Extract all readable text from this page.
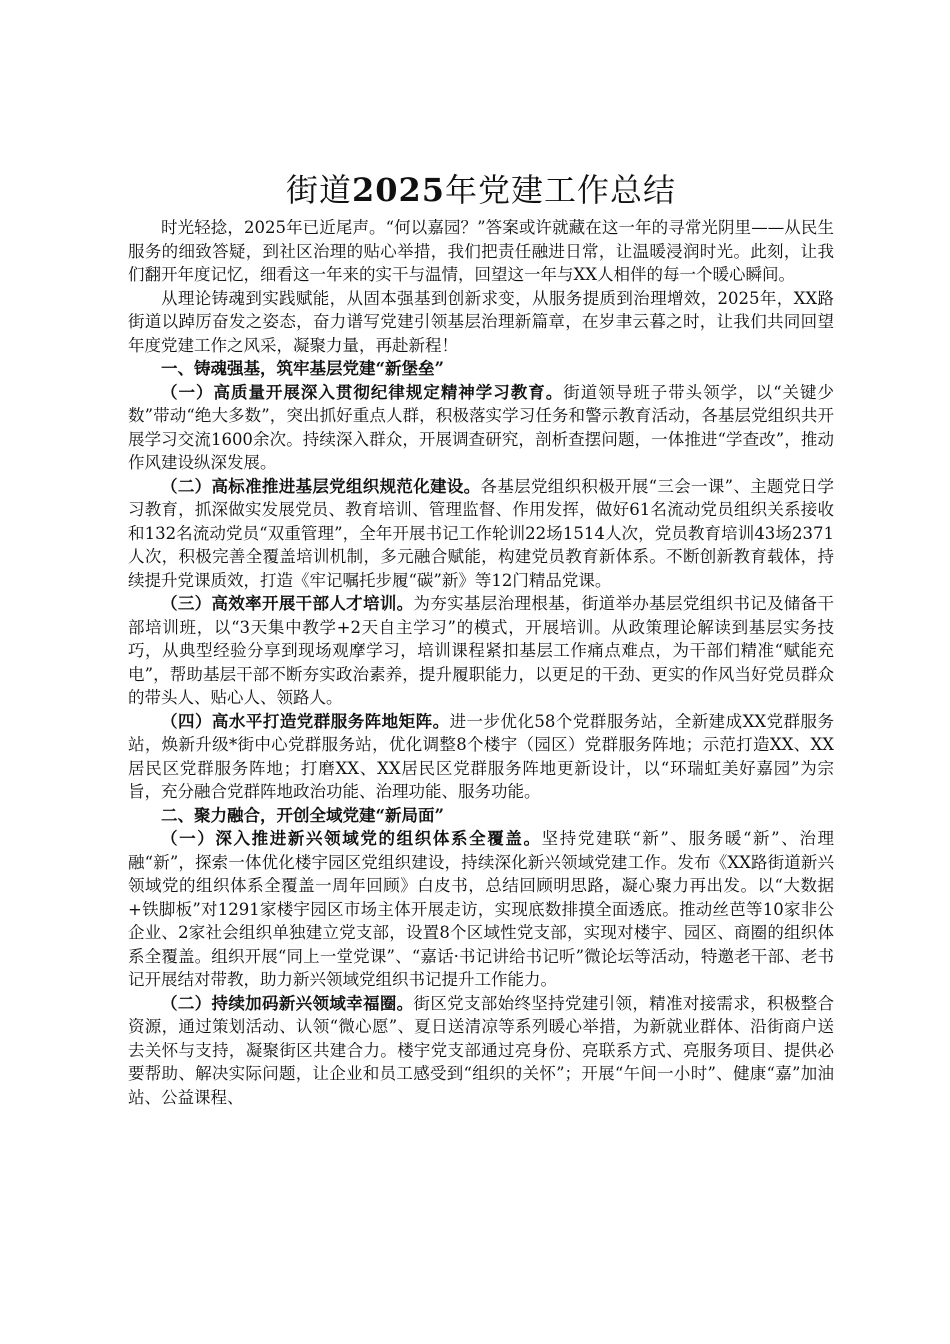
街道2025年党建工作总结

时光轻捻，2025年已近尾声。“何以嘉园？”答案或许就藏在这一年的寻常光阴里——从民生服务的细致答疑，到社区治理的贴心举措，我们把责任融进日常，让温暖浸润时光。此刻，让我们翻开年度记忆，细看这一年来的实干与温情，回望这一年与XX人相伴的每一个暖心瞬间。

从理论铸魂到实践赋能，从固本强基到创新求变，从服务提质到治理增效，2025年，XX路街道以踔厉奋发之姿态，奋力谱写党建引领基层治理新篇章，在岁聿云暮之时，让我们共同回望年度党建工作之风采，凝聚力量，再赴新程！

一、铸魂强基，筑牢基层党建“新堡垒”

（一）高质量开展深入贯彻纪律规定精神学习教育。街道领导班子带头领学，以“关键少数”带动“绝大多数”，突出抓好重点人群，积极落实学习任务和警示教育活动，各基层党组织共开展学习交流1600余次。持续深入群众，开展调查研究，剖析查摆问题，一体推进“学查改”，推动作风建设纵深发展。

（二）高标准推进基层党组织规范化建设。各基层党组织积极开展“三会一课”、主题党日学习教育，抓深做实发展党员、教育培训、管理监督、作用发挥，做好61名流动党员组织关系接收和132名流动党员“双重管理”，全年开展书记工作轮训22场1514人次，党员教育培训43场2371人次，积极完善全覆盖培训机制，多元融合赋能，构建党员教育新体系。不断创新教育载体，持续提升党课质效，打造《牢记嘱托步履“碳”新》等12门精品党课。

（三）高效率开展干部人才培训。为夯实基层治理根基，街道举办基层党组织书记及储备干部培训班，以“3天集中教学+2天自主学习”的模式，开展培训。从政策理论解读到基层实务技巧，从典型经验分享到现场观摩学习，培训课程紧扣基层工作痛点难点，为干部们精准“赋能充电”，帮助基层干部不断夯实政治素养，提升履职能力，以更足的干劲、更实的作风当好党员群众的带头人、贴心人、领路人。

（四）高水平打造党群服务阵地矩阵。进一步优化58个党群服务站，全新建成XX党群服务站，焕新升级*街中心党群服务站，优化调整8个楼宇（园区）党群服务阵地；示范打造XX、XX居民区党群服务阵地；打磨XX、XX居民区党群服务阵地更新设计，以“环瑞虹美好嘉园”为宗旨，充分融合党群阵地政治功能、治理功能、服务功能。

二、聚力融合，开创全域党建“新局面”

（一）深入推进新兴领域党的组织体系全覆盖。坚持党建联“新”、服务暖“新”、治理融“新”，探索一体优化楼宇园区党组织建设，持续深化新兴领域党建工作。发布《XX路街道新兴领域党的组织体系全覆盖一周年回顾》白皮书，总结回顾明思路，凝心聚力再出发。以“大数据+铁脚板”对1291家楼宇园区市场主体开展走访，实现底数排摸全面透底。推动丝芭等10家非公企业、2家社会组织单独建立党支部，设置8个区域性党支部，实现对楼宇、园区、商圈的组织体系全覆盖。组织开展“同上一堂党课”、“嘉话·书记讲给书记听”微论坛等活动，特邀老干部、老书记开展结对带教，助力新兴领域党组织书记提升工作能力。

（二）持续加码新兴领域幸福圈。街区党支部始终坚持党建引领，精准对接需求，积极整合资源，通过策划活动、认领“微心愿”、夏日送清凉等系列暖心举措，为新就业群体、沿街商户送去关怀与支持，凝聚街区共建合力。楼宇党支部通过亮身份、亮联系方式、亮服务项目、提供必要帮助、解决实际问题，让企业和员工感受到“组织的关怀”；开展“午间一小时”、健康“嘉”加油站、公益课程、
